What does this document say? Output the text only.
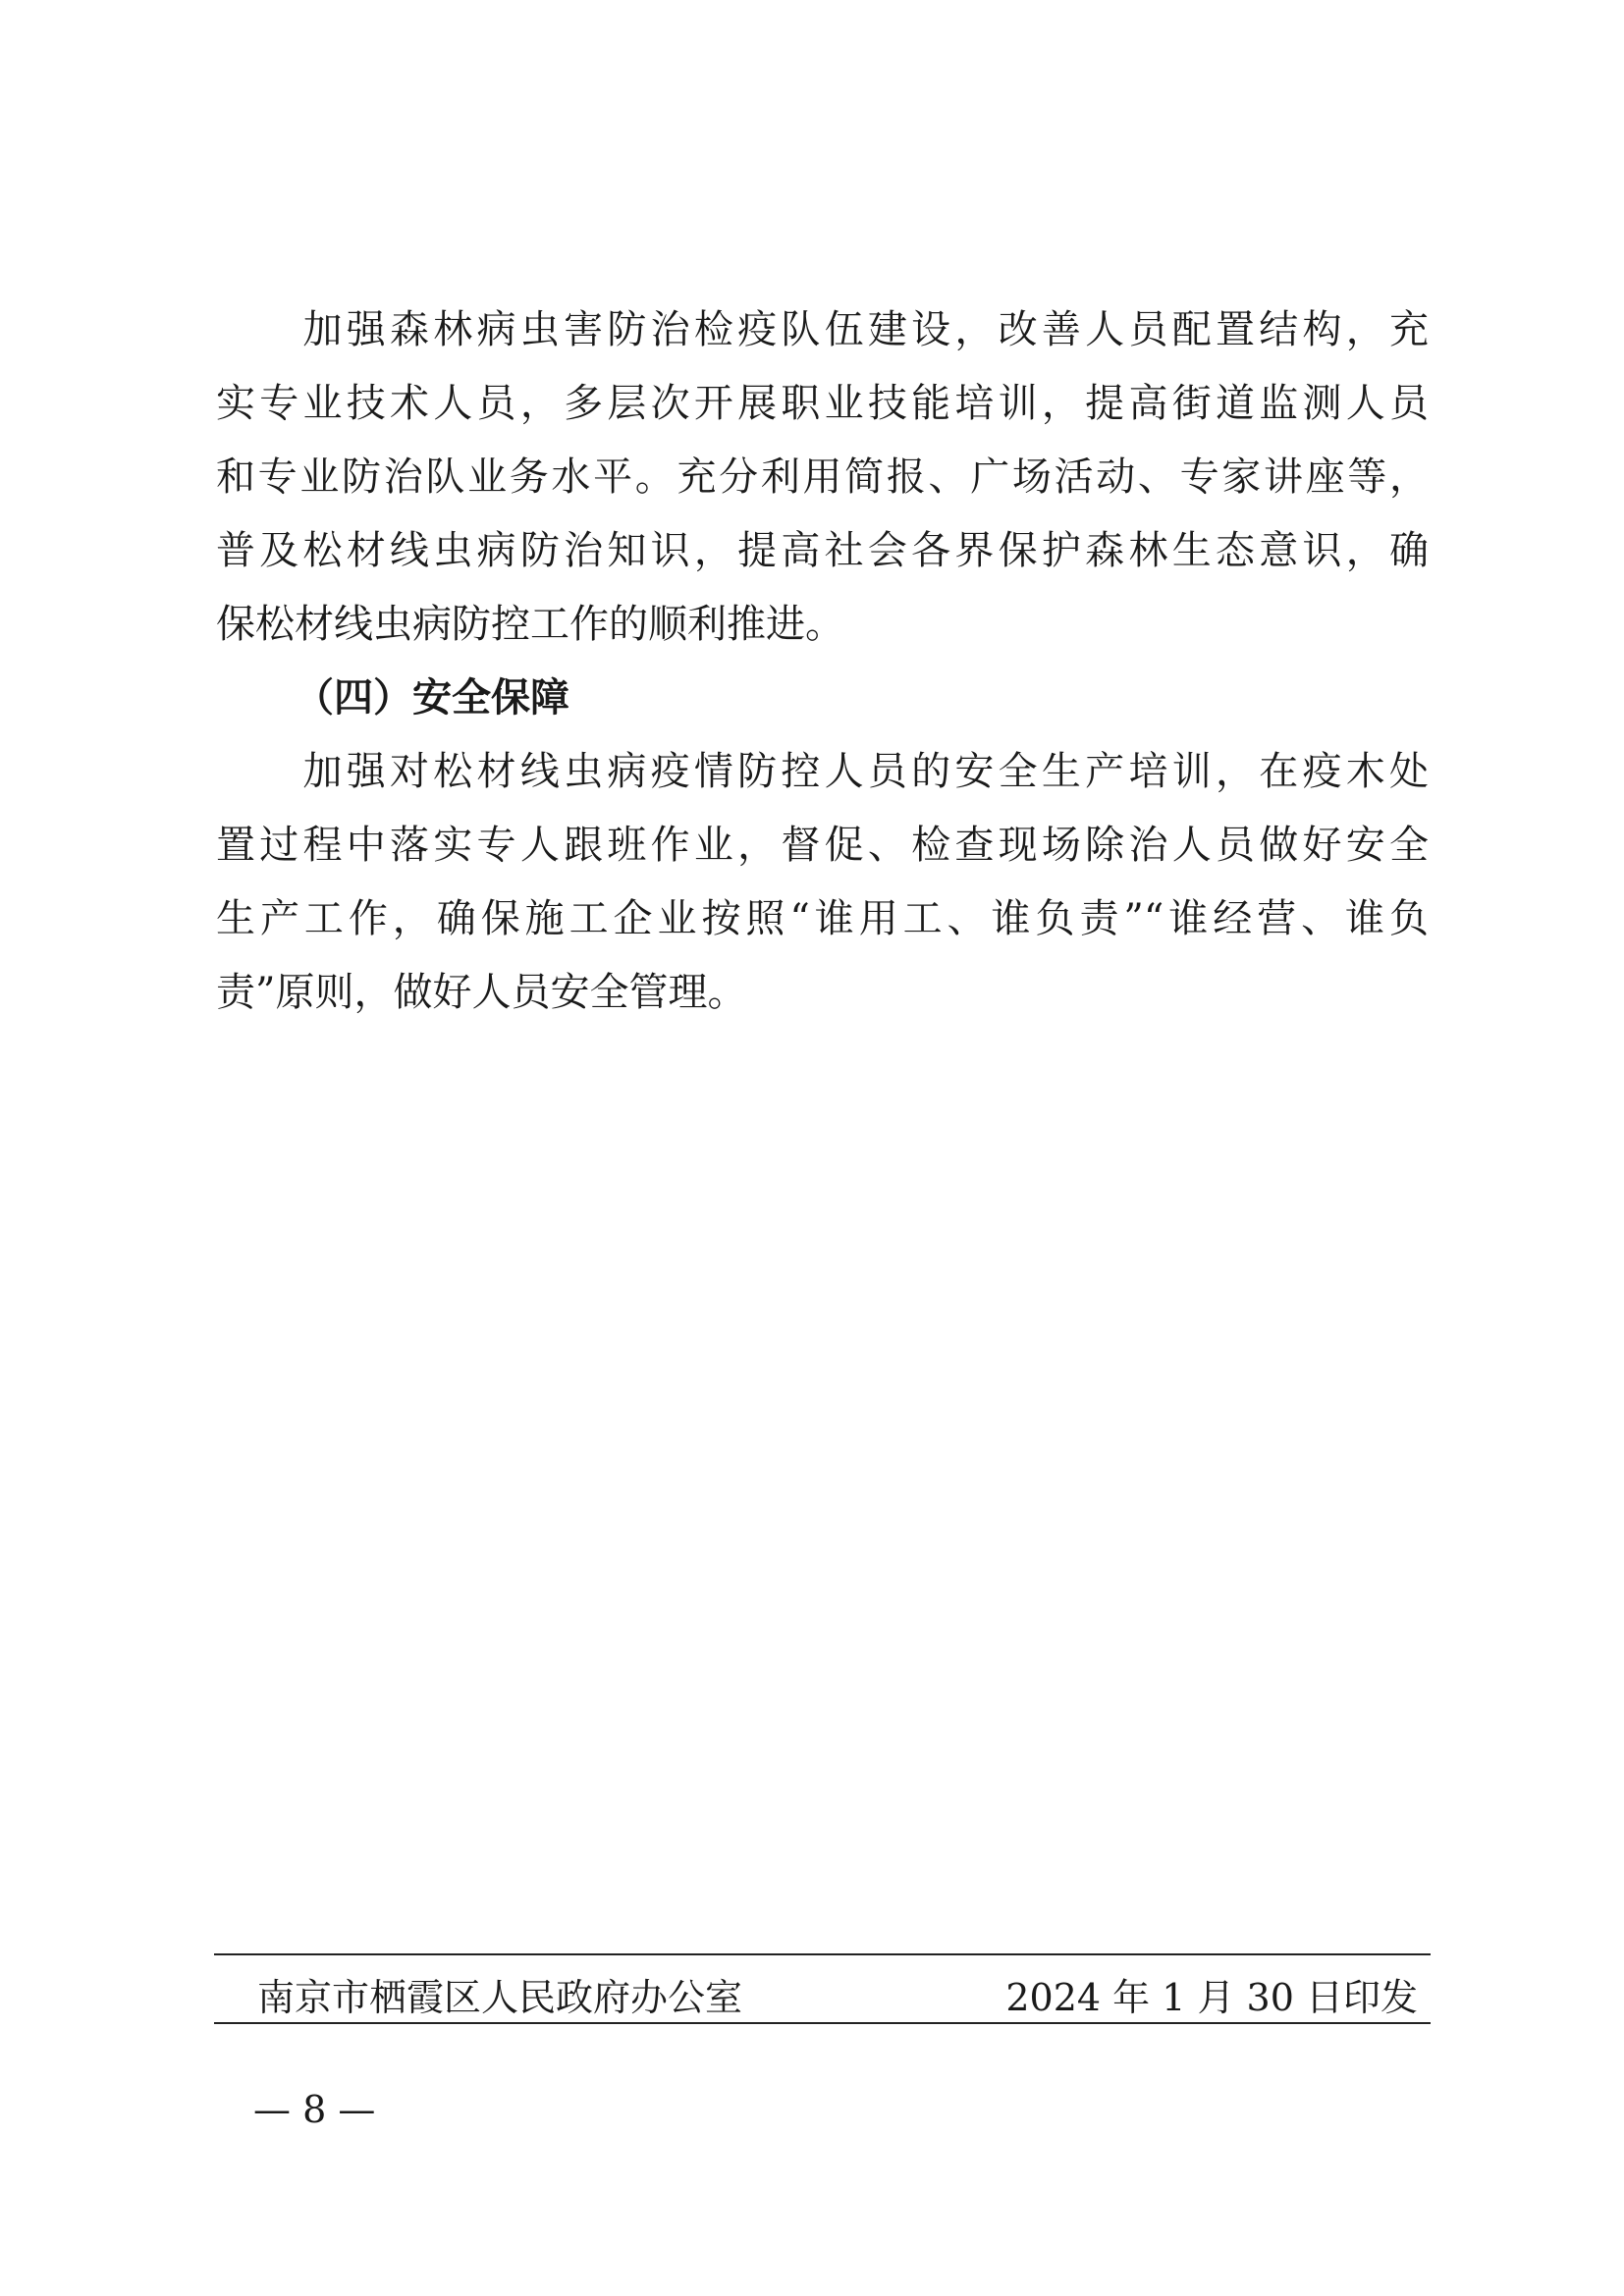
　　加强森林病虫害防治检疫队伍建设，改善人员配置结构，充
实专业技术人员，多层次开展职业技能培训，提高街道监测人员
和专业防治队业务水平。充分利用简报、广场活动、专家讲座等，
普及松材线虫病防治知识，提高社会各界保护森林生态意识，确
保松材线虫病防控工作的顺利推进。
（四）安全保障
　　加强对松材线虫病疫情防控人员的安全生产培训，在疫木处
置过程中落实专人跟班作业，督促、检查现场除治人员做好安全
生产工作，确保施工企业按照“谁用工、谁负责”“谁经营、谁负
责”原则，做好人员安全管理。
南京市栖霞区人民政府办公室	2024 年 1 月 30 日印发
— 8 —
